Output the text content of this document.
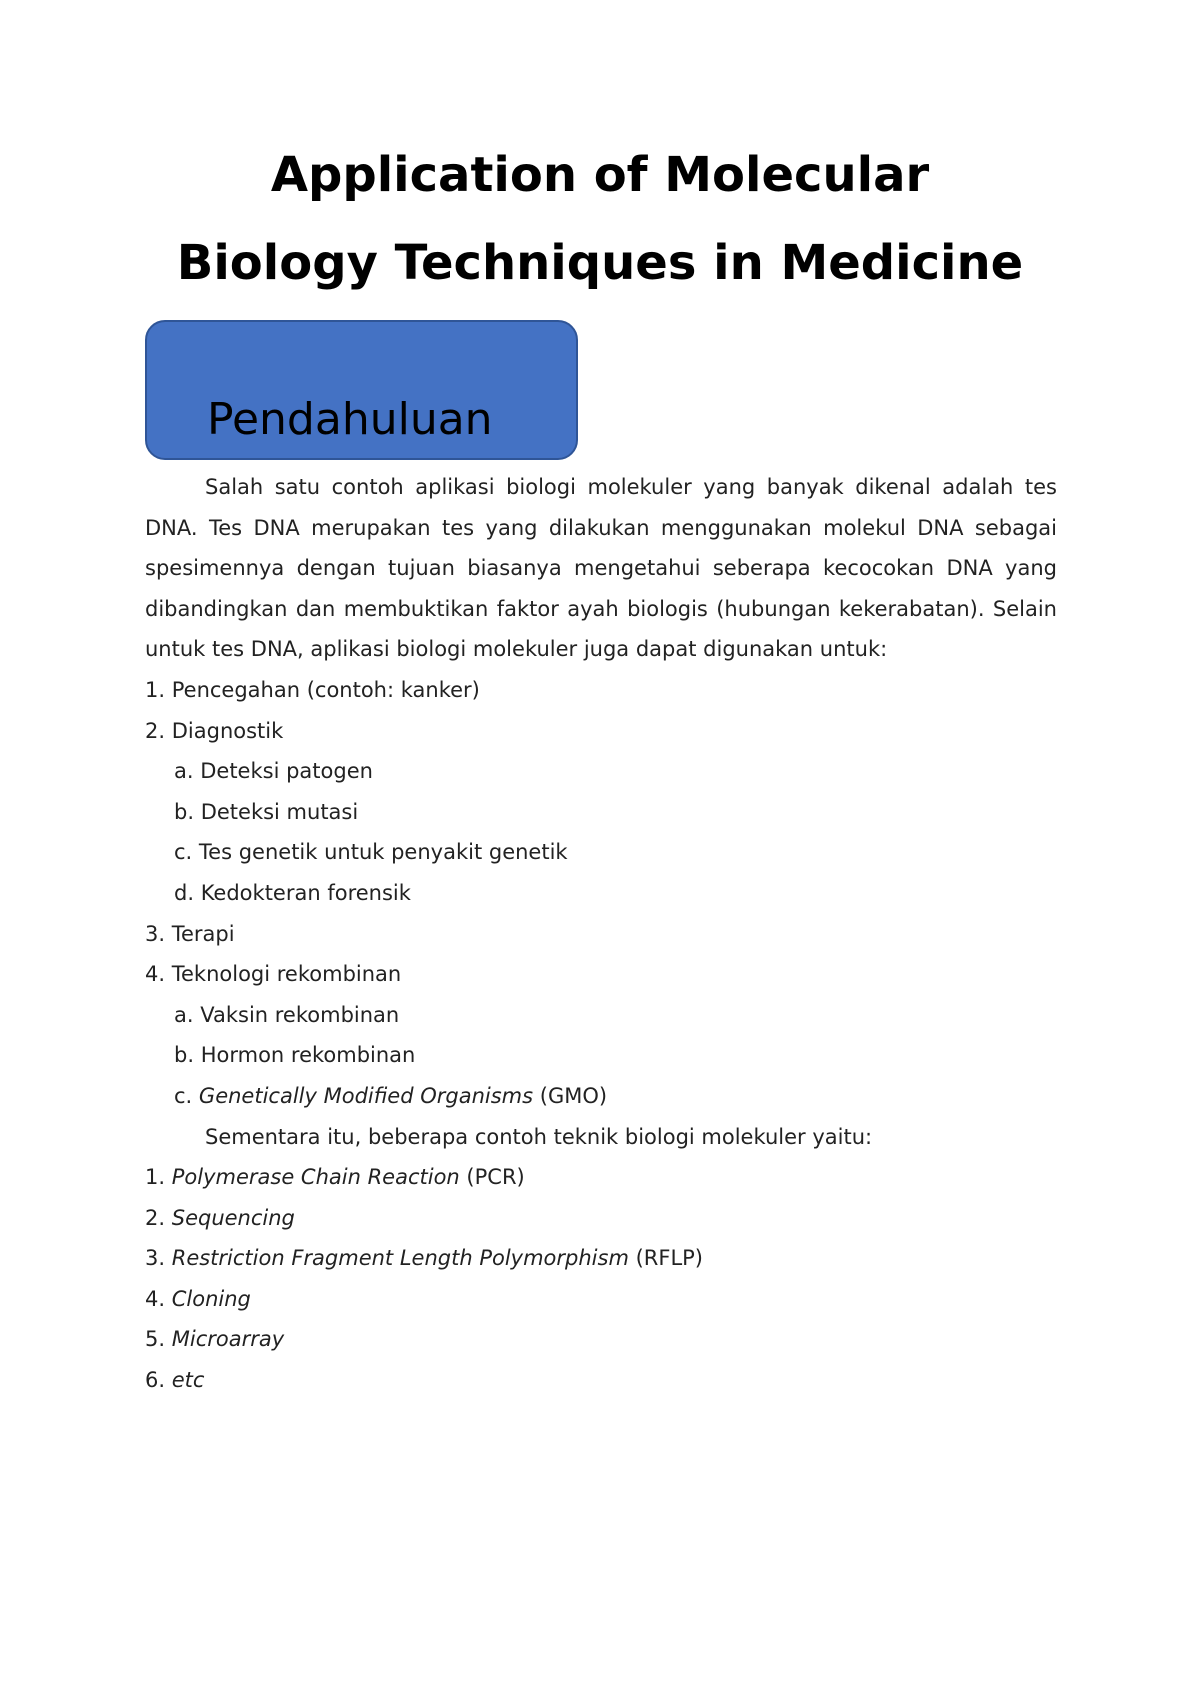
Application of Molecular
Biology Techniques in Medicine
Pendahuluan

Salah satu contoh aplikasi biologi molekuler yang banyak dikenal adalah tes DNA. Tes DNA merupakan tes yang dilakukan menggunakan molekul DNA sebagai spesimennya dengan tujuan biasanya mengetahui seberapa kecocokan DNA yang dibandingkan dan membuktikan faktor ayah biologis (hubungan kekerabatan). Selain untuk tes DNA, aplikasi biologi molekuler juga dapat digunakan untuk:

1. Pencegahan (contoh: kanker)

2. Diagnostik

a. Deteksi patogen

b. Deteksi mutasi

c. Tes genetik untuk penyakit genetik

d. Kedokteran forensik

3. Terapi

4. Teknologi rekombinan

a. Vaksin rekombinan

b. Hormon rekombinan

c. Genetically Modified Organisms (GMO)

Sementara itu, beberapa contoh teknik biologi molekuler yaitu:

1. Polymerase Chain Reaction (PCR)

2. Sequencing

3. Restriction Fragment Length Polymorphism (RFLP)

4. Cloning

5. Microarray

6. etc
